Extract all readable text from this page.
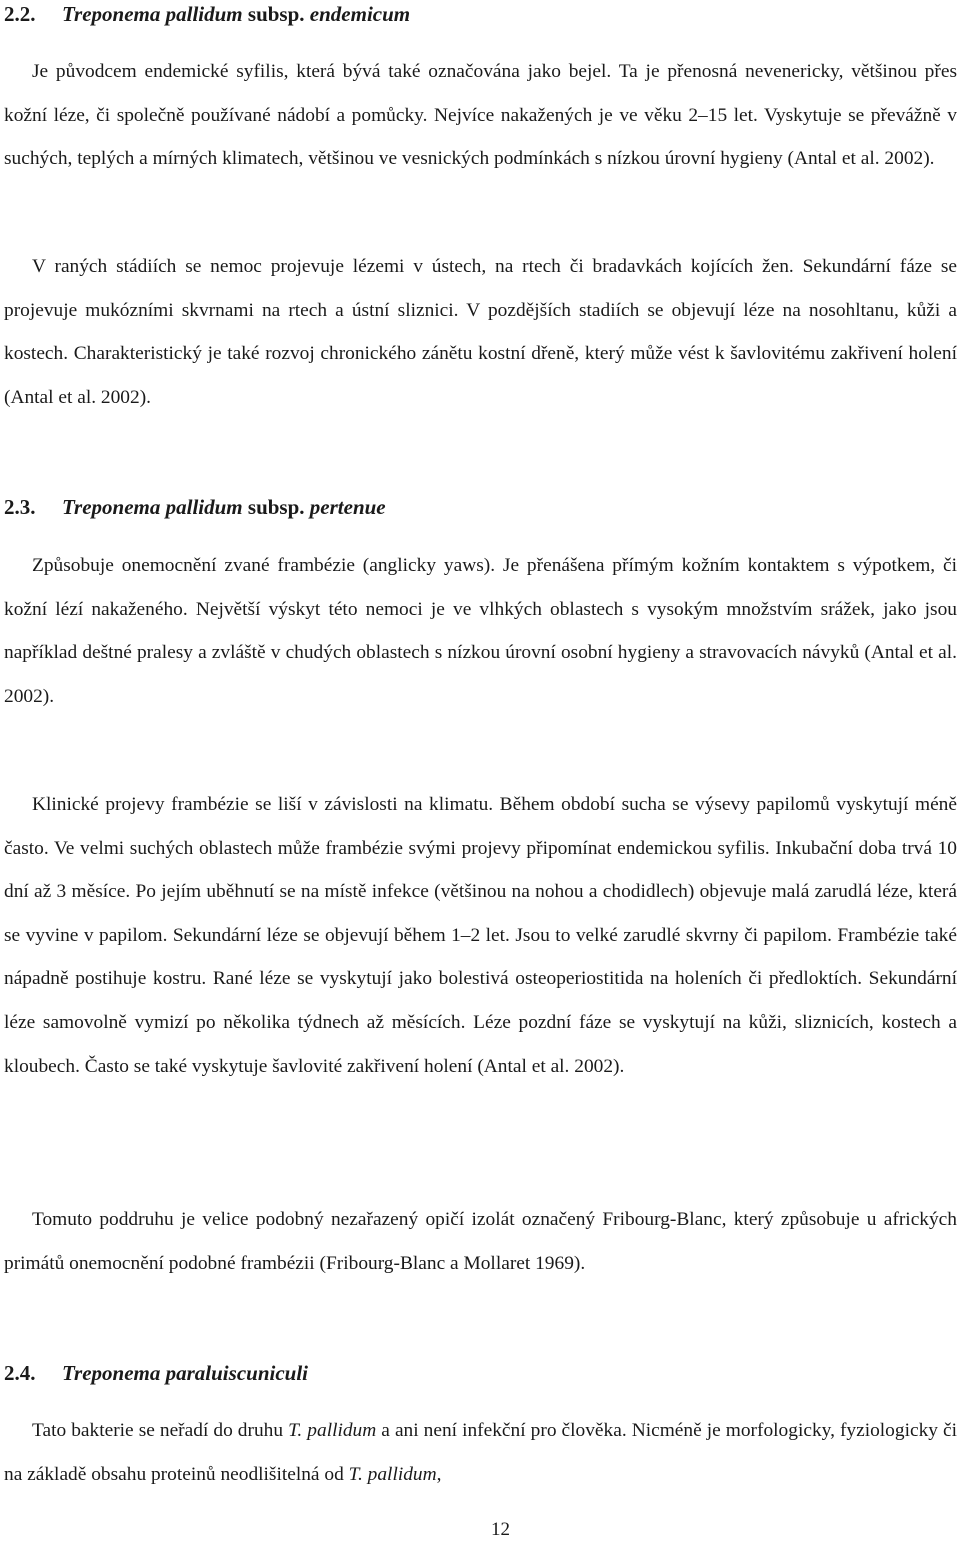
2.2. Treponema pallidum subsp. endemicum

Je původcem endemické syfilis, která bývá také označována jako bejel. Ta je přenosná nevenericky, většinou přes kožní léze, či společně používané nádobí a pomůcky. Nejvíce nakažených je ve věku 2–15 let. Vyskytuje se převážně v suchých, teplých a mírných klimatech, většinou ve vesnických podmínkách s nízkou úrovní hygieny (Antal et al. 2002).

V raných stádiích se nemoc projevuje lézemi v ústech, na rtech či bradavkách kojících žen. Sekundární fáze se projevuje mukózními skvrnami na rtech a ústní sliznici. V pozdějších stadiích se objevují léze na nosohltanu, kůži a kostech. Charakteristický je také rozvoj chronického zánětu kostní dřeně, který může vést k šavlovitému zakřivení holení (Antal et al. 2002).

2.3. Treponema pallidum subsp. pertenue

Způsobuje onemocnění zvané frambézie (anglicky yaws). Je přenášena přímým kožním kontaktem s výpotkem, či kožní lézí nakaženého. Největší výskyt této nemoci je ve vlhkých oblastech s vysokým množstvím srážek, jako jsou například deštné pralesy a zvláště v chudých oblastech s nízkou úrovní osobní hygieny a stravovacích návyků (Antal et al. 2002).

Klinické projevy frambézie se liší v závislosti na klimatu. Během období sucha se výsevy papilomů vyskytují méně často. Ve velmi suchých oblastech může frambézie svými projevy připomínat endemickou syfilis. Inkubační doba trvá 10 dní až 3 měsíce. Po jejím uběhnutí se na místě infekce (většinou na nohou a chodidlech) objevuje malá zarudlá léze, která se vyvine v papilom. Sekundární léze se objevují během 1–2 let. Jsou to velké zarudlé skvrny či papilom. Frambézie také nápadně postihuje kostru. Rané léze se vyskytují jako bolestivá osteoperiostitida na holeních či předloktích. Sekundární léze samovolně vymizí po několika týdnech až měsících. Léze pozdní fáze se vyskytují na kůži, sliznicích, kostech a kloubech. Často se také vyskytuje šavlovité zakřivení holení (Antal et al. 2002).

Tomuto poddruhu je velice podobný nezařazený opičí izolát označený Fribourg-Blanc, který způsobuje u afrických primátů onemocnění podobné frambézii (Fribourg-Blanc a Mollaret 1969).

2.4. Treponema paraluiscuniculi

Tato bakterie se neřadí do druhu T. pallidum a ani není infekční pro člověka. Nicméně je morfologicky, fyziologicky či na základě obsahu proteinů neodlišitelná od T. pallidum,

12
